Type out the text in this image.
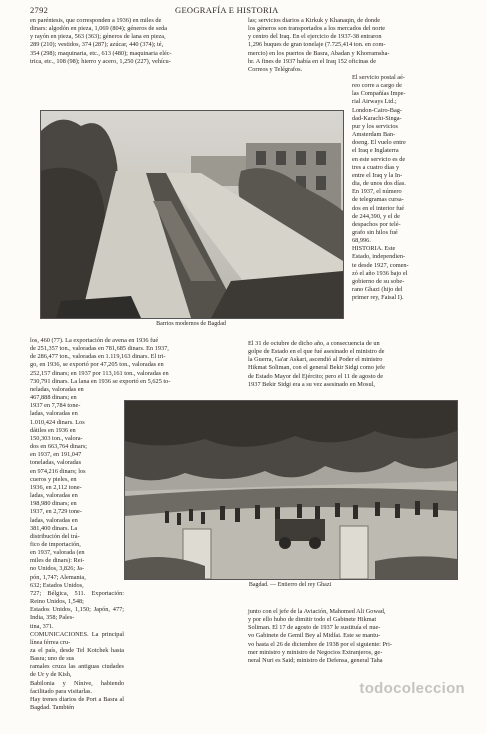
2792	GEOGRAFÍA E HISTORIA

en paréntesis, que corresponden a 1936) en miles de

dinars: algodón en pieza, 1,069 (804); géneros de seda

y rayón en pieza, 563 (363); géneros de lana en pieza,

289 (210); vestidos, 374 (287); azúcar, 440 (374); té,

354 (298); maquinaria, etc., 613 (480); maquinaria eléc-

trica, etc., 108 (98); hierro y acero, 1,250 (227), vehícu-

las; servicios diarios a Kirkuk y Khanaqin, de donde

los géneros son transportados a los mercados del norte

y centro del Iraq. En el ejercicio de 1937-38 entraron

1,296 buques de gran tonelaje (7.725,414 ton. en com-

mercio) en los puertos de Basra, Abadan y Khorramsha-

hr. A fines de 1937 había en el Iraq 152 oficinas de

Correos y Telégrafos.

Barrios modernos de Bagdad

El servicio postal aé-

reo corre a cargo de

las Compañías Impe-

rial Airways Ltd.;

London-Cairo-Bag-

dad-Karachi-Singa-

pur y los servicios

Amsterdam Ban-

doeng. El vuelo entre

el Iraq e Inglaterra

en este servicio es de

tres a cuatro días y

entre el Iraq y la In-

dia, de unos dos días.

En 1937, el número

de telegramas cursa-

dos en el interior fué

de 244,390, y el de

despachos por telé-

grafo sin hilos fué

68,996.

HISTORIA. Este

Estado, independien-

te desde 1927, comen-

zó el año 1936 bajo el

gobierno de su sobe-

rano Ghazi (hijo del

primer rey, Faisal I).

los, 460 (77). La exportación de avena en 1936 fué

de 251,357 ton., valoradas en 781,685 dinars. En 1937,

de 286,477 ton., valoradas en 1.119,163 dinars. El tri-

go, en 1936, se exportó por 47,205 ton., valoradas en

252,157 dinars; en 1937 por 113,161 ton., valoradas en

730,791 dinars. La lana en 1936 se exportó en 5,625 to-

El 31 de octubre de dicho año, a consecuencia de un

golpe de Estado en el que fué asesinado el ministro de

la Guerra, Ga'ar Askari, ascendió al Poder el ministro

Hikmat Soliman, con el general Bekir Sidgi como jefe

de Estado Mayor del Ejército; pero el 11 de agosto de

1937 Bekir Sidgi era a su vez asesinado en Mosul,

neladas, valoradas en

467,888 dinars; en

1937 en 7,784 tone-

ladas, valoradas en

1.010,424 dinars. Los

dátiles en 1936 en

150,303 ton., valora-

dos en 663,764 dinars;

en 1937, en 191,047

toneladas, valoradas

en 974,216 dinars; los

cueros y pieles, en

1936, en 2,112 tone-

ladas, valoradas en

198,980 dinars; en

1937, en 2,729 tone-

ladas, valoradas en

381,400 dinars. La

distribución del trá-

fico de importación,

en 1937, valorada (en

miles de dinars): Rei-

no Unidos, 3,826; Ja-

pón, 1,747; Alemania,

632; Estados Unidos,

727; Bélgica, 511. Exportación: Reino Unidos, 1,548;

Estados Unidos, 1,150; Japón, 477; India, 358; Pales-

tina, 371.

COMUNICACIONES. La principal línea férrea cru-

za el país, desde Tel Kotchek hasta Basra; uno de sus

ramales cruza las antiguas ciudades de Ur y de Kish,

Babilonia y Nínive, habiendo facilitado para visitarlas.

Hay trenes diarios de Port a Basra al Bagdad. También

Bagdad. — Entierro del rey Ghazi

junto con el jefe de la Aviación, Mahomed Ali Gowad,

y por ello hubo de dimitir todo el Gabinete Hikmat

Soliman. El 17 de agosto de 1937 le sustituía el nue-

vo Gabinete de Gemil Bey al Midfai. Este se mantu-

vo hasta el 26 de diciembre de 1938 por el siguiente: Pri-

mer ministro y ministro de Negocios Extranjeros, ge-

neral Nuri es Said; ministro de Defensa, general Taha

todocoleccion
